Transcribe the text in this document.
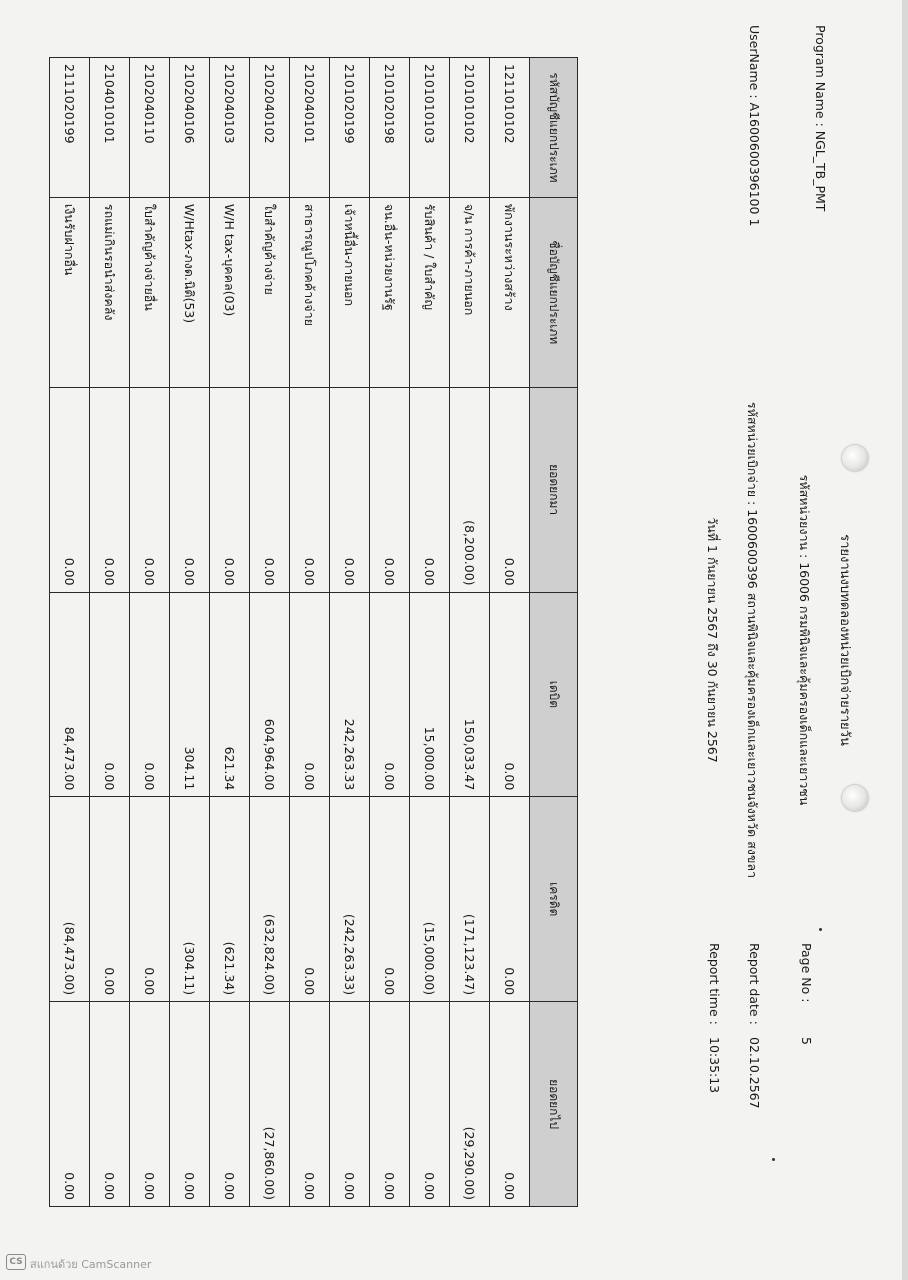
รายงานงบทดลองหน่วยเบิกจ่ายรายวัน
รหัสหน่วยงาน : 16006 กรมพินิจและคุ้มครองเด็กและเยาวชน
รหัสหน่วยเบิกจ่าย : 1600600396 สถานพินิจและคุ้มครองเด็กและเยาวชนจังหวัด สงขลา
วันที่ 1 กันยายน 2567 ถึง 30 กันยายน 2567
Program Name : NGL_TB_PMT
UserName : A1600600396100 1
Page No :
5
Report date :
02.10.2567
Report time :
10:35:13
รหัสบัญชีแยกประเภท	ชื่อบัญชีแยกประเภท	ยอดยกมา	เดบิต	เครดิต	ยอดยกไป
1211010102	พักงานระหว่างสร้าง	0.00	0.00	0.00	0.00
2101010102	จ/น การค้า-ภายนอก	(8,200.00)	150,033.47	(171,123.47)	(29,290.00)
2101010103	รับสินค้า / ใบสำคัญ	0.00	15,000.00	(15,000.00)	0.00
2101020198	จน.อื่น-หน่วยงานรัฐ	0.00	0.00	0.00	0.00
2101020199	เจ้าหนี้อื่น-ภายนอก	0.00	242,263.33	(242,263.33)	0.00
2102040101	สาธารณูปโภคค้างจ่าย	0.00	0.00	0.00	0.00
2102040102	ใบสำคัญค้างจ่าย	0.00	604,964.00	(632,824.00)	(27,860.00)
2102040103	W/H tax-บุคคล(03)	0.00	621.34	(621.34)	0.00
2102040106	W/Htax-ภงด.นิติ(53)	0.00	304.11	(304.11)	0.00
2102040110	ใบสำคัญค้างจ่ายอื่น	0.00	0.00	0.00	0.00
2104010101	รถแม่เกินรอนำส่งคลัง	0.00	0.00	0.00	0.00
2111020199	เงินรับฝากอื่น	0.00	84,473.00	(84,473.00)	0.00
CS สแกนด้วย CamScanner
